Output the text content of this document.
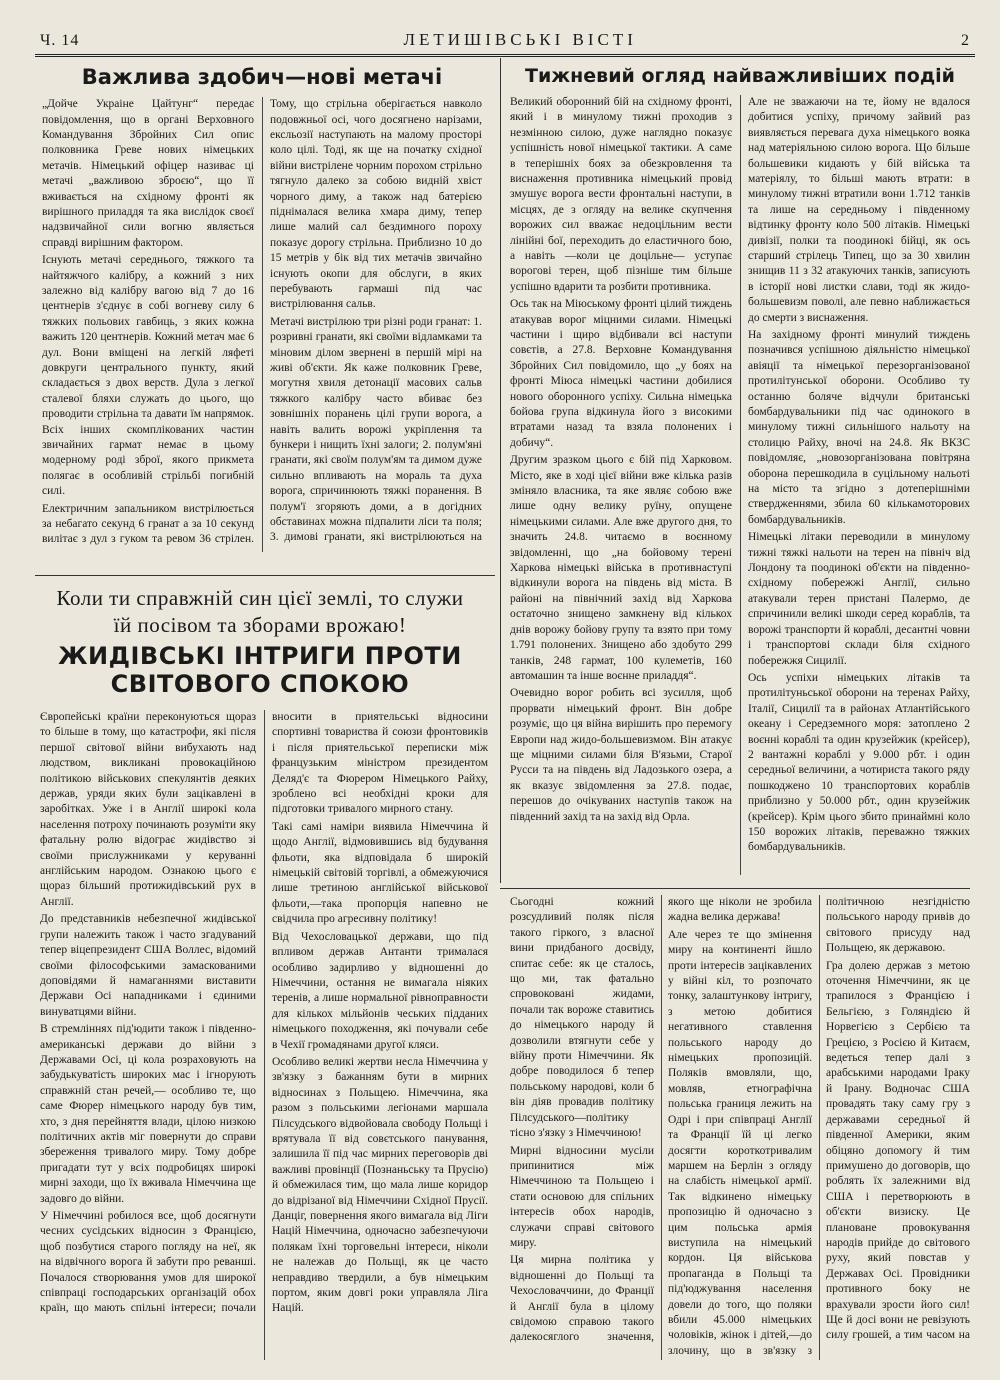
Ч. 14	ЛЕТИШІВСЬКІ ВІСТІ	2
Важлива здобич—нові метачі

„Дойче Украіне Цайтунг“ передає повідомлення, що в органі Верховного Командування Збройних Сил опис полковника Греве нових німецьких метачів. Німецький офіцер називає ці метачі „важливою зброєю“, що її вживається на східному фронті як вирішного приладдя та яка вислідок своєї надзвичайної сили вогню являється справді вирішним фактором.

Існують метачі середнього, тяжкого та найтяжчого калібру, а кожний з них залежно від калібру вагою від 7 до 16 центнерів з'єднує в собі вогневу силу 6 тяжких польових гавбиць, з яких кожна важить 120 центнерів. Кожний метач має 6 дул. Вони вміщені на легкій ляфеті довкруги центрального пункту, який складається з двох верств. Дула з легкої сталевої бляхи служать до цього, що проводити стрільна та давати їм напрямок. Всіх інших скомплікованих частин звичайних гармат немає в цьому модерному роді зброї, якого прикмета полягає в особливій стрільбі погибній силі.

Електричним запальником вистрілюється за небагато секунд 6 гранат а за 10 секунд вилітає з дул з гуком та ревом 36 стрілен. Тому, що стрільна оберігається навколо подовжньої осі, чого досягнено нарізами, ексльозії наступають на малому просторі коло цілі. Тоді, як ще на початку східної війни вистрілене чорним порохом стрільно тягнуло далеко за собою видній хвіст чорного диму, а також над батерією піднімалася велика хмара диму, тепер лише малий сал бездимного пороху показує дорогу стрільна. Приблизно 10 до 15 метрів у бік від тих метачів звичайно існують окопи для обслуги, в яких перебувають гармаші під час вистрілювання сальв.

Метачі вистрілюю три різні роди гранат: 1. розривні гранати, які своїми відламками та міновим ділом звернені в першій мірі на живі об'єкти. Як каже полковник Греве, могутня хвиля детонації масових сальв тяжкого калібру часто вбиває без зовнішніх поранень цілі групи ворога, а навіть валить ворожі укріплення та бункери і нищить їхні залоги; 2. полум'яні гранати, які своїм полум'ям та димом дуже сильно впливають на мораль та духа ворога, спричинюють тяжкі поранення. В полум'ї згоряють доми, а в догідних обставинах можна підпалити ліси та поля; 3. димові гранати, які вистрілюються на

Коли ти справжній син цієї землі, то служи
їй посівом та зборами врожаю!
ЖИДІВСЬКІ ІНТРИГИ ПРОТИ СВІТОВОГО СПОКОЮ
Тижневий огляд найважливіших подій

Великий оборонний бій на східному фронті, який і в минулому тижні проходив з незмінною силою, дуже наглядно показує успішність нової німецької тактики. А саме в теперішніх боях за обезкровлення та виснаження противника німецький провід змушує ворога вести фронтальні наступи, в місцях, де з огляду на велике скупчення ворожих сил вважає недоцільним вести лінійні бої, переходить до еластичного бою, а навіть —коли це доцільне— уступає ворогові терен, щоб пізніше тим більше успішно вдарити та розбити противника.

Ось так на Міюському фронті цілий тиждень атакував ворог міцними силами. Німецькі частини і щиро відбивали всі наступи совєтів, а 27.8. Верховне Командування Збройних Сил повідомило, що „у боях на фронті Міюса німецькі частини добилися нового оборонного успіху. Сильна німецька бойова група відкинула його з високими втратами назад та взяла полонених і добичу“.

Другим зразком цього є бій під Харковом. Місто, яке в ході цієї війни вже кілька разів зміняло власника, та яке являє собою вже лише одну велику руїну, опущене німецькими силами. Але вже другого дня, то значить 24.8. читаємо в воєнному звідомленні, що „на бойовому терені Харкова німецькі війська в противнаступі відкинули ворога на південь від міста. В районі на північний захід від Харкова остаточно знищено замкнену від кількох днів ворожу бойову групу та взято при тому 1.791 полонених. Знищено або здобуто 299 танків, 248 гармат, 100 кулеметів, 160 автомашин та інше воєнне приладдя“.

Очевидно ворог робить всі зусилля, щоб прорвати німецький фронт. Він добре розуміє, що ця війна вирішить про перемогу Европи над жидо-большевизмом. Він атакує ще міцними силами біля В'язьми, Старої Русси та на південь від Ладозького озера, а як вказує звідомлення за 27.8. подає, перешов до очікуваних наступів також на південний захід та на захід від Орла.

Але не зважаючи на те, йому не вдалося добитися успіху, причому зайвий раз виявляється перевага духа німецького вояка над матеріяльною силою ворога. Що більше большевики кидають у бій війська та матеріялу, то більші мають втрати: в минулому тижні втратили вони 1.712 танків та лише на середньому і південному відтинку фронту коло 500 літаків. Німецькі дивізії, полки та поодинокі бійці, як ось старший стрілець Типец, що за 30 хвилин знищив 11 з 32 атакуючих танків, записують в історії нові листки слави, тоді як жидо-большевизм поволі, але певно наближається до смерти з виснаження.

На західному фронті минулий тиждень позначився успішною діяльністю німецької авіяції та німецької перезорганізованої протилітунської оборони. Особливо ту останню боляче відчули британські бомбардувальники під час одинокого в минулому тижні сильнішого нальоту на столицю Райху, вночі на 24.8. Як ВКЗС повідомляє, „новозорганізована повітряна оборона перешкодила в суцільному нальоті на місто та згідно з дотеперішніми ствердженнями, збила 60 кількамоторових бомбардувальників.

Німецькі літаки переводили в минулому тижні тяжкі нальоти на терен на північ від Лондону та поодинокі об'єкти на південно-східному побережжі Англії, сильно атакували терен пристані Палермо, де спричинили великі шкоди серед кораблів, та ворожі транспорти й кораблі, десантні човни і транспортові склади біля східного побережжя Сицилії.

Ось успіхи німецьких літаків та протилітуньської оборони на теренах Райху, Італії, Сицилії та в районах Атлантійського океану і Середземного моря: затоплено 2 воєнні кораблі та один крузейжик (крейсер), 2 вантажні кораблі у 9.000 рбт. і один середньої величини, а чотириста такого ряду пошкоджено 10 транспортових кораблів приблизно у 50.000 рбт., один крузейжик (крейсер). Крім цього збито принаймні коло 150 ворожих літаків, переважно тяжких бомбардувальників.

Європейські країни переконуються щораз то більше в тому, що катастрофи, які після першої світової війни вибухають над людством, викликані провокаційною політикою військових спекулянтів деяких держав, уряди яких були зацікавлені в заробітках. Уже і в Англії широкі кола населення потроху починають розуміти яку фатальну ролю відограє жидівство зі своїми прислужниками у керуванні англійським народом. Ознакою цього є щораз більший протижидівський рух в Англії.

До представників небезпечної жидівської групи належить також і часто згадуваний тепер віцепрезидент США Воллес, відомий своїми філософськими замаскованими доповідями й намаганнями виставити Держави Осі нападниками і єдиними винуватцями війни.

В стремліннях під'юдити також і південно-американські держави до війни з Державами Осі, ці кола розраховують на забудькуватість широких мас і ігнорують справжній стан речей,— особливо те, що саме Фюрер німецького народу був тим, хто, з дня перейняття влади, цілою низкою політичних актів міг повернути до справи збереження тривалого миру. Тому добре пригадати тут у всіх подробицях широкі мирні заходи, що їх вживала Німеччина ще задовго до війни.

У Німеччині робилося все, щоб досягнути чесних сусідських відносин з Францією, щоб позбутися старого погляду на неї, як на відвічного ворога й забути про реванші. Почалося створювання умов для широкої співпраці господарських організацій обох країн, що мають спільні інтереси; почали вносити в приятельські відносини спортивні товариства й союзи фронтовиків і після приятельської переписки між французьким міністром президентом Деляд'є та Фюрером Німецького Райху, зроблено всі необхідні кроки для підготовки тривалого мирного стану.

Такі самі наміри виявила Німеччина й щодо Англії, відмовившись від будування фльоти, яка відповідала б широкій німецькій світовій торгівлі, а обмежуючися лише третиною англійської військової фльоти,—така пропорція напевно не свідчила про агресивну політику!

Від Чехословацької держави, що під впливом держав Антанти трималася особливо задирливо у відношенні до Німеччини, остання не вимагала ніяких теренів, а лише нормальної рівноправности для кількох мільйонів чеських підданих німецького походження, які почували себе в Чехії громадянами другої кляси.

Особливо великі жертви несла Німеччина у зв'язку з бажанням бути в мирних відносинах з Польщею. Німеччина, яка разом з польськими легіонами маршала Пілсудського відвойовала свободу Польщі і врятувала її від совєтського панування, залишила її під час мирних переговорів дві важливі провінції (Познаньську та Прусію) й обмежилася тим, що мала лише коридор до відрізаної від Німеччини Східної Прусії. Данціг, повернення якого вимагала від Ліги Націй Німеччина, одночасно забезпечуючи полякам їхні торговельні інтереси, ніколи не належав до Польщі, як це часто неправдиво твердили, а був німецьким портом, яким довгі роки управляла Ліга Націй.

Сьогодні кожний розсудливий поляк після такого гіркого, з власної вини придбаного досвіду, спитає себе: як це сталось, що ми, так фатально спровоковані жидами, почали так вороже ставитись до німецького народу й дозволили втягнути себе у війну проти Німеччини. Як добре поводилося б тепер польському народові, коли б він діяв провадив політику Пілсудського—політику тісно з'язку з Німеччиною!

Мирні відносини мусіли припинитися між Німеччиною та Польщею і стати основою для спільних інтересів обох народів, служачи справі світового миру.

Ця мирна політика у відношенні до Польщі та Чехословаччини, до Франції й Англії була в цілому свідомою справою такого далекосяглого значення, якого ще ніколи не зробила жадна велика держава!

Але через те що змінення миру на континенті йшло проти інтересів зацікавлених у війні кіл, то розпочато тонку, залаштункову інтригу, з метою добитися негативного ставлення польського народу до німецьких пропозицій. Поляків вмовляли, що, мовляв, етнографічна польська границя лежить на Одрі і при співпраці Англії та Франції їй ці легко досягти короткотривалим маршем на Берлін з огляду на слабість німецької армії. Так відкинено німецьку пропозицію й одночасно з цим польська армія виступила на німецький кордон. Ця військова пропаганда в Польщі та під'юджування населення довели до того, що поляки вбили 45.000 німецьких чоловіків, жінок і дітей,—до злочину, що в зв'язку з політичною незгідністю польського народу привів до світового присуду над Польщею, як державою.

Гра долею держав з метою оточення Німеччини, як це трапилося з Францією і Бельгією, з Голяндією й Норвегією з Сербією та Грецією, з Росією й Китаєм, ведеться тепер далі з арабськими народами Іраку й Ірану. Водночас США провадять таку саму гру з державами середньої й південної Америки, яким обіцяно допомогу й тим примушено до договорів, що роблять їх залежними від США і перетворюють в об'єкти визиску. Це плановане провокування народів прийде до світового руху, який повстав у Державах Осі. Провідники противного боку не врахували зрости його сил! Ще й досі вони не ревізують силу грошей, а тим часом на
